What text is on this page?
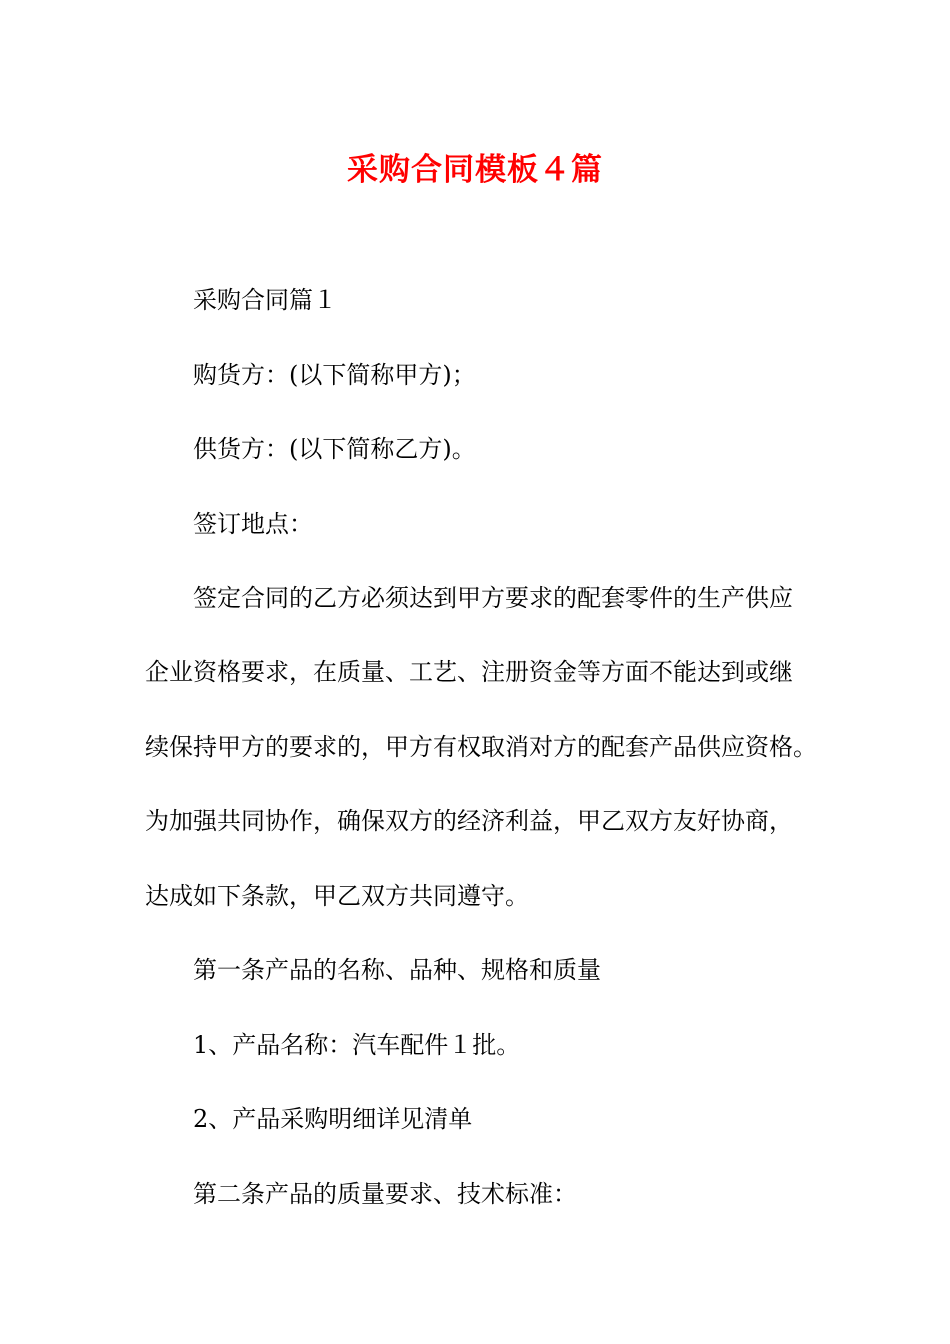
采购合同模板４篇

采购合同篇１

购货方：(以下简称甲方)；

供货方：(以下简称乙方)。

签订地点：

签定合同的乙方必须达到甲方要求的配套零件的生产供应

企业资格要求，在质量、工艺、注册资金等方面不能达到或继

续保持甲方的要求的，甲方有权取消对方的配套产品供应资格。

为加强共同协作，确保双方的经济利益，甲乙双方友好协商，

达成如下条款，甲乙双方共同遵守。

第一条产品的名称、品种、规格和质量

1、产品名称：汽车配件１批。

2、产品采购明细详见清单

第二条产品的质量要求、技术标准：
